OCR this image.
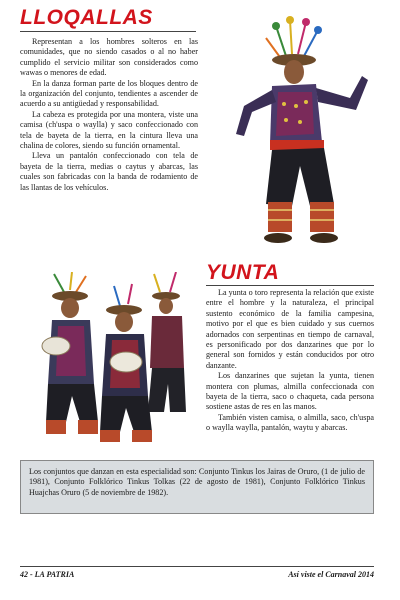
LLOQALLAS

Representan a los hombres solteros en las comunidades, que no siendo casados o al no haber cumplido el servicio militar son considerados como wawas o menores de edad.

En la danza forman parte de los bloques dentro de la organización del conjunto, tendientes a ascender de acuerdo a su antigüedad y responsabilidad.

La cabeza es protegida por una montera, viste una camisa (ch'uspa o waylla) y saco confeccionado con tela de bayeta de la tierra, en la cintura lleva una chalina de colores, siendo su función ornamental.

Lleva un pantalón confeccionado con tela de bayeta de la tierra, medias o caytus y abarcas, las cuales son fabricadas con la banda de rodamiento de las llantas de los vehículos.

YUNTA

La yunta o toro representa la relación que existe entre el hombre y la naturaleza, el principal sustento económico de la familia campesina, motivo por el que es bien cuidado y sus cuernos adornados con serpentinas en tiempo de carnaval, es personificado por dos danzarines que por lo general son fornidos y están conducidos por otro danzante.

Los danzarines que sujetan la yunta, tienen montera con plumas, almilla confeccionada con bayeta de la tierra, saco o chaqueta, cada persona sostiene astas de res en las manos.

También visten camisa, o almilla, saco, ch'uspa o waylla waylla, pantalón, waytu y abarcas.

Los conjuntos que danzan en esta especialidad son: Conjunto Tinkus los Jairas de Oruro, (1 de julio de 1981), Conjunto Folklórico Tinkus Tolkas (22 de agosto de 1981), Conjunto Folklórico Tinkus Huajchas Oruro (5 de noviembre de 1982).
42 - LA PATRIA	Así viste el Carnaval 2014
